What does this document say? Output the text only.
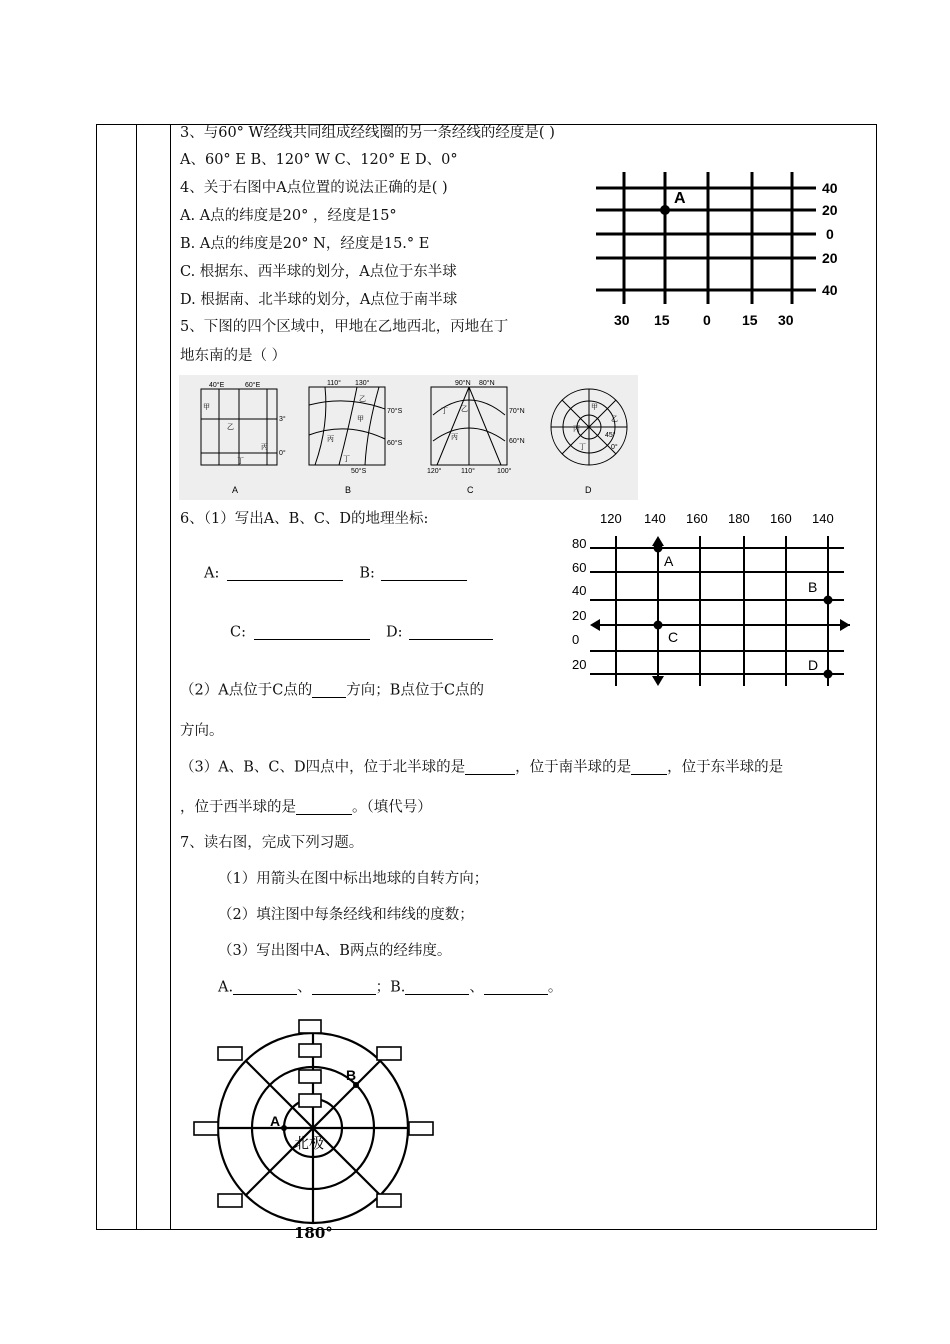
3、与60° W经线共同组成经线圈的另一条经线的经度是( )
A、60° E B、120° W C、120° E D、0°
4、关于右图中A点位置的说法正确的是( )
A. A点的纬度是20° ，经度是15°
B. A点的纬度是20° N，经度是15.° E
C. 根据东、西半球的划分，A点位于东半球
D. 根据南、北半球的划分，A点位于南半球
A
40
20
0
20
40
30 15 0 15 30
5、下图的四个区域中，甲地在乙地西北，丙地在丁
地东南的是（ ）
40°E	60°E
3°
0°
甲
乙
丙
丁
A
110° 130°
70°S
60°S
50°S
乙
甲
丙
丁
B
90°N 80°N
70°N
60°N
120°	110°	100°
丁 乙
丙
C
甲
乙
丙
丁
45°
0°
D
6、（1）写出A、B、C、D的地理坐标:
A:	B:
C:	D:
（2）A点位于C点的 方向；B点位于C点的
方向。
（3）A、B、C、D四点中，位于北半球的是	，位于南半球的是 ，位于东半球的是
，位于西半球的是	。（填代号）
120 140 160 180 160 140
80
60
40
20
0
20
A
B
C
D
7、读右图，完成下列习题。
（1）用箭头在图中标出地球的自转方向；
（2）填注图中每条经线和纬线的度数；
（3）写出图中A、B两点的经纬度。
A.	、	；B.	、	。
A
B
北极
180°
